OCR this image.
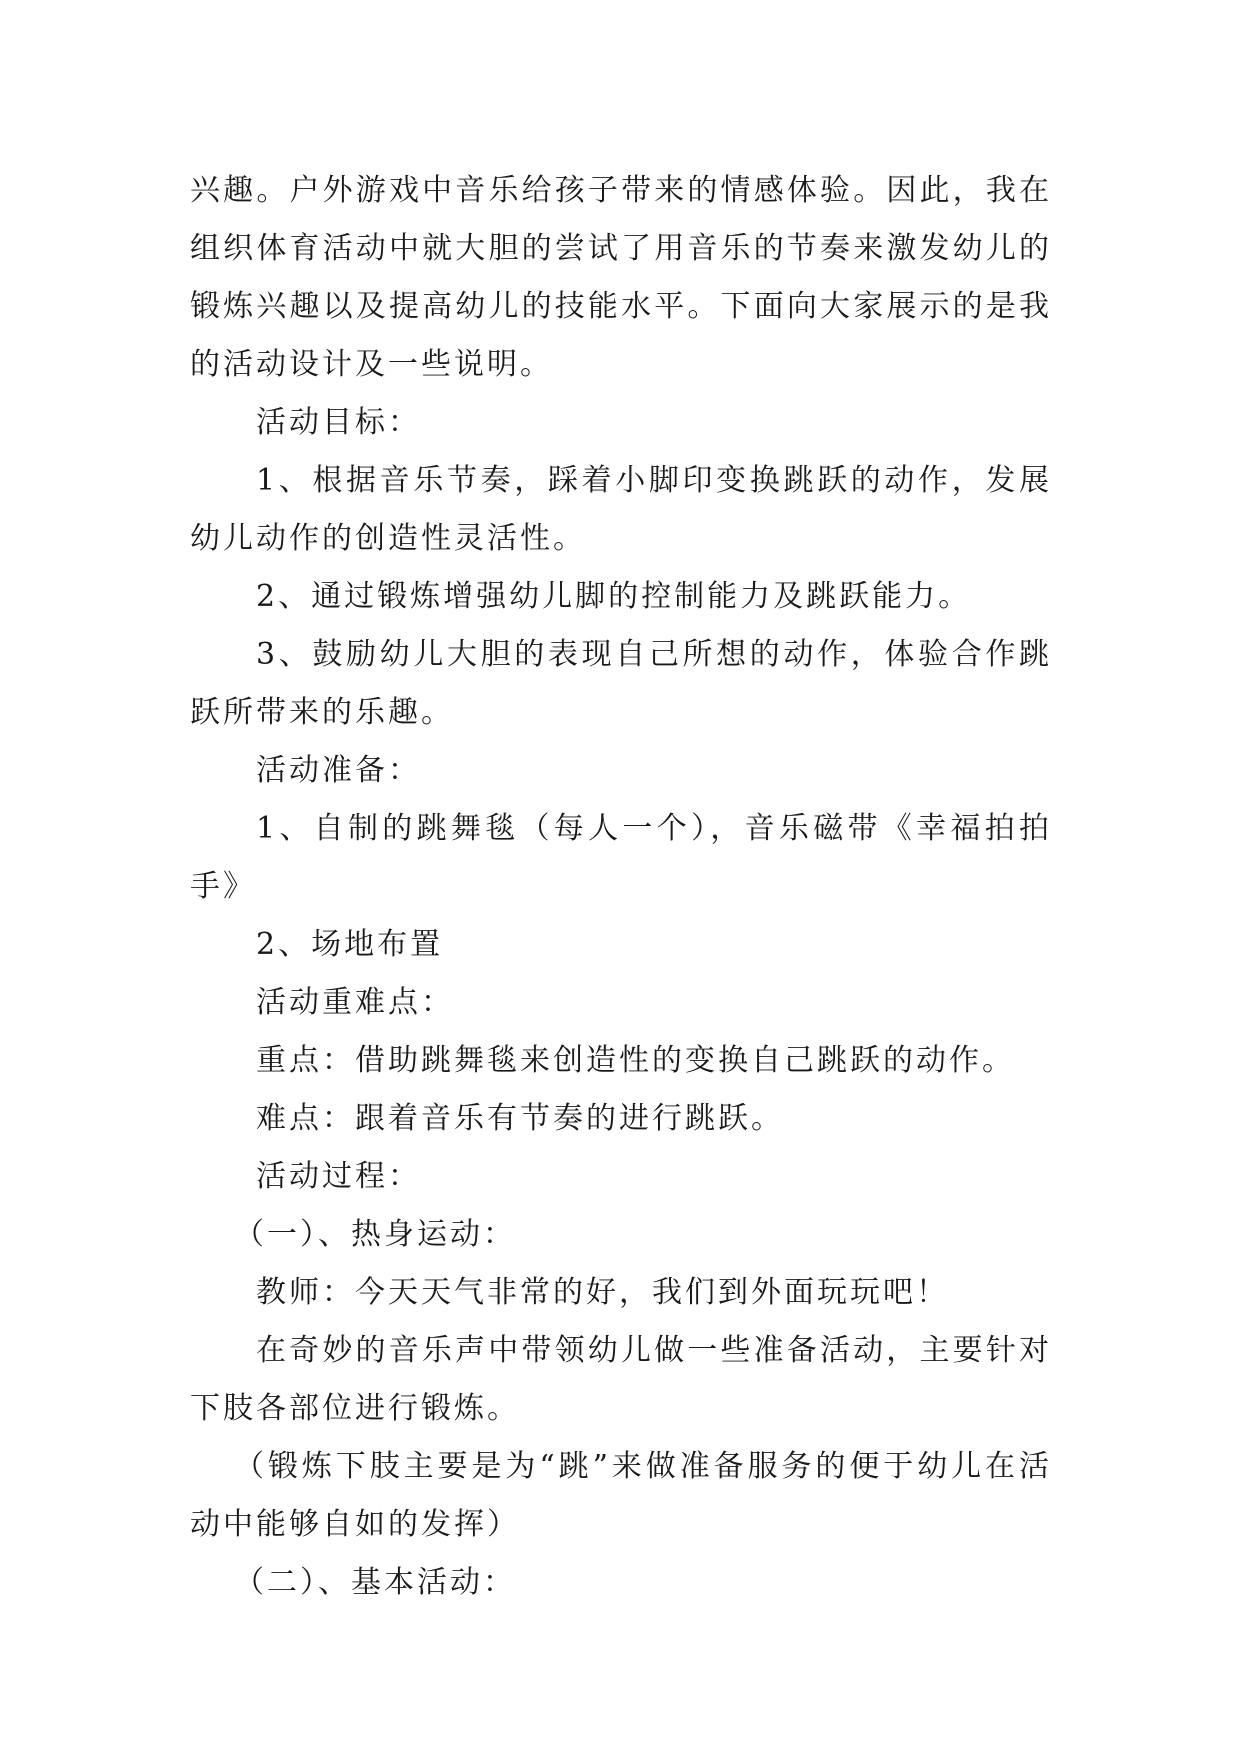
兴趣。户外游戏中音乐给孩子带来的情感体验。因此，我在组织体育活动中就大胆的尝试了用音乐的节奏来激发幼儿的锻炼兴趣以及提高幼儿的技能水平。下面向大家展示的是我的活动设计及一些说明。

活动目标：

1、根据音乐节奏，踩着小脚印变换跳跃的动作，发展幼儿动作的创造性灵活性。

2、通过锻炼增强幼儿脚的控制能力及跳跃能力。

3、鼓励幼儿大胆的表现自己所想的动作，体验合作跳跃所带来的乐趣。

活动准备：

1、自制的跳舞毯（每人一个），音乐磁带《幸福拍拍手》

2、场地布置

活动重难点：

重点：借助跳舞毯来创造性的变换自己跳跃的动作。

难点：跟着音乐有节奏的进行跳跃。

活动过程：

（一）、热身运动：

教师：今天天气非常的好，我们到外面玩玩吧！

在奇妙的音乐声中带领幼儿做一些准备活动，主要针对下肢各部位进行锻炼。

（锻炼下肢主要是为“跳”来做准备服务的便于幼儿在活动中能够自如的发挥）

（二）、基本活动：
